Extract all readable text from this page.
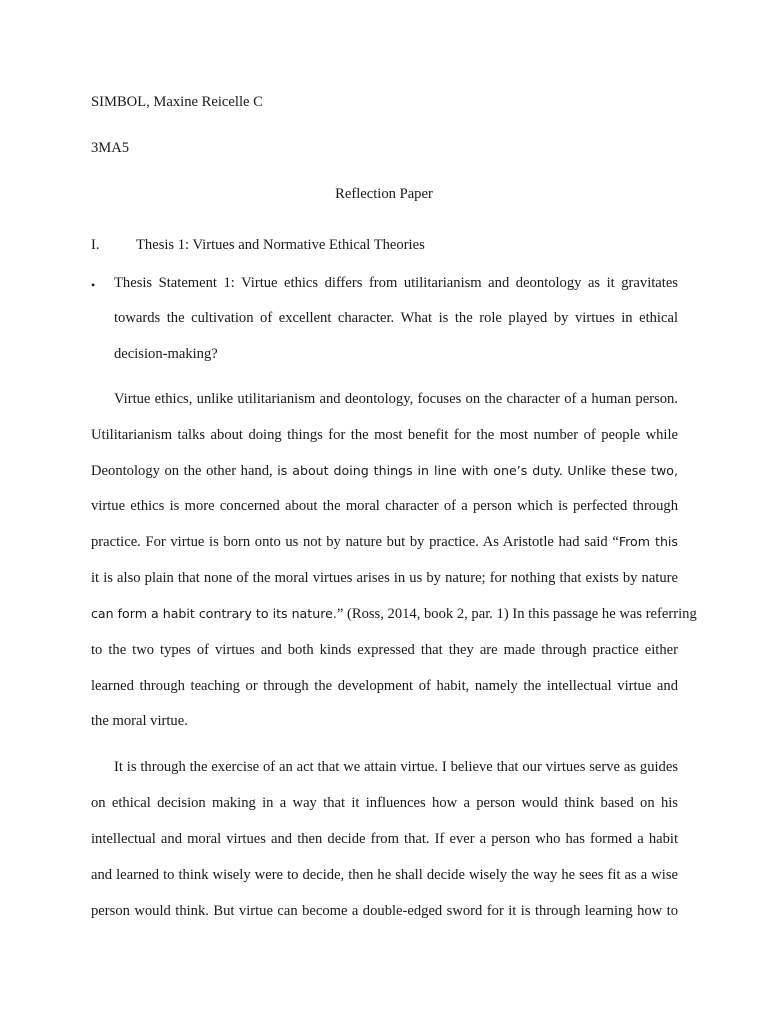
SIMBOL, Maxine Reicelle C
3MA5
Reflection Paper
I. Thesis 1: Virtues and Normative Ethical Theories
• Thesis Statement 1: Virtue ethics differs from utilitarianism and deontology as it gravitates
towards the cultivation of excellent character. What is the role played by virtues in ethical
decision-making?
Virtue ethics, unlike utilitarianism and deontology, focuses on the character of a human person.
Utilitarianism talks about doing things for the most benefit for the most number of people while
Deontology on the other hand, is about doing things in line with one’s duty. Unlike these two,
virtue ethics is more concerned about the moral character of a person which is perfected through
practice. For virtue is born onto us not by nature but by practice. As Aristotle had said “From this
it is also plain that none of the moral virtues arises in us by nature; for nothing that exists by nature
can form a habit contrary to its nature.” (Ross, 2014, book 2, par. 1) In this passage he was referring
to the two types of virtues and both kinds expressed that they are made through practice either
learned through teaching or through the development of habit, namely the intellectual virtue and
the moral virtue.
It is through the exercise of an act that we attain virtue. I believe that our virtues serve as guides
on ethical decision making in a way that it influences how a person would think based on his
intellectual and moral virtues and then decide from that. If ever a person who has formed a habit
and learned to think wisely were to decide, then he shall decide wisely the way he sees fit as a wise
person would think. But virtue can become a double-edged sword for it is through learning how to
